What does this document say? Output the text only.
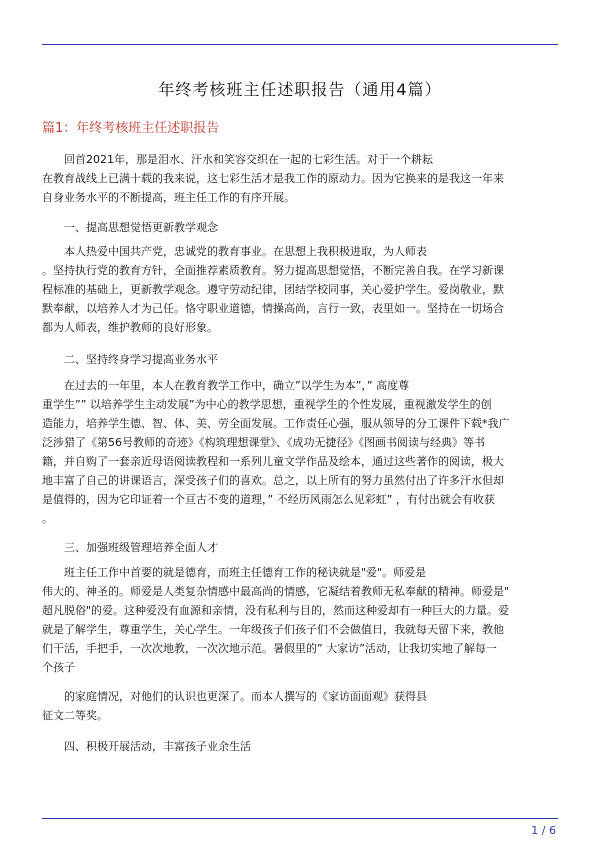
年终考核班主任述职报告（通用4篇）
篇1：年终考核班主任述职报告
回首2021年，那是泪水、汗水和笑容交织在一起的七彩生活。对于一个耕耘
在教育战线上已满十载的我来说，这七彩生活才是我工作的原动力。因为它换来的是我这一年来
自身业务水平的不断提高，班主任工作的有序开展。
一、提高思想觉悟更新教学观念
本人热爱中国共产党，忠诚党的教育事业。在思想上我积极进取，为人师表
。坚持执行党的教育方针，全面推荐素质教育。努力提高思想觉悟，不断完善自我。在学习新课
程标准的基础上，更新教学观念。遵守劳动纪律，团结学校同事，关心爱护学生。爱岗敬业，默
默奉献，以培养人才为己任。恪守职业道德，情操高尚，言行一致，表里如一。坚持在一切场合
都为人师表，维护教师的良好形象。
二、坚持终身学习提高业务水平
在过去的一年里，本人在教育教学工作中，确立”以学生为本”，” 高度尊
重学生”” 以培养学生主动发展”为中心的教学思想，重视学生的个性发展，重视激发学生的创
造能力，培养学生德、智、体、美、劳全面发展。工作责任心强，服从领导的分工课件下载*我广
泛涉猎了《第56号教师的奇迹》《构筑理想课堂》、《成功无捷径》《图画书阅读与经典》等书
籍，并自购了一套亲近母语阅读教程和一系列儿童文学作品及绘本，通过这些著作的阅读，极大
地丰富了自己的讲课语言，深受孩子们的喜欢。总之，以上所有的努力虽然付出了许多汗水但却
是值得的，因为它印证着一个亘古不变的道理，” 不经历风雨怎么见彩虹” ，有付出就会有收获
。
三、加强班级管理培养全面人才
班主任工作中首要的就是德育，而班主任德育工作的秘诀就是"爱"。师爱是
伟大的、神圣的。师爱是人类复杂情感中最高尚的情感，它凝结着教师无私奉献的精神。师爱是"
超凡脱俗"的爱。这种爱没有血源和亲情，没有私利与目的，然而这种爱却有一种巨大的力量。爱
就是了解学生，尊重学生，关心学生。一年级孩子们孩子们不会做值日，我就每天留下来，教他
们干活，手把手，一次次地教，一次次地示范。暑假里的” 大家访”活动，让我切实地了解每一
个孩子
的家庭情况，对他们的认识也更深了。而本人撰写的《家访面面观》获得县
征文二等奖。
四、积极开展活动，丰富孩子业余生活
1 / 6
